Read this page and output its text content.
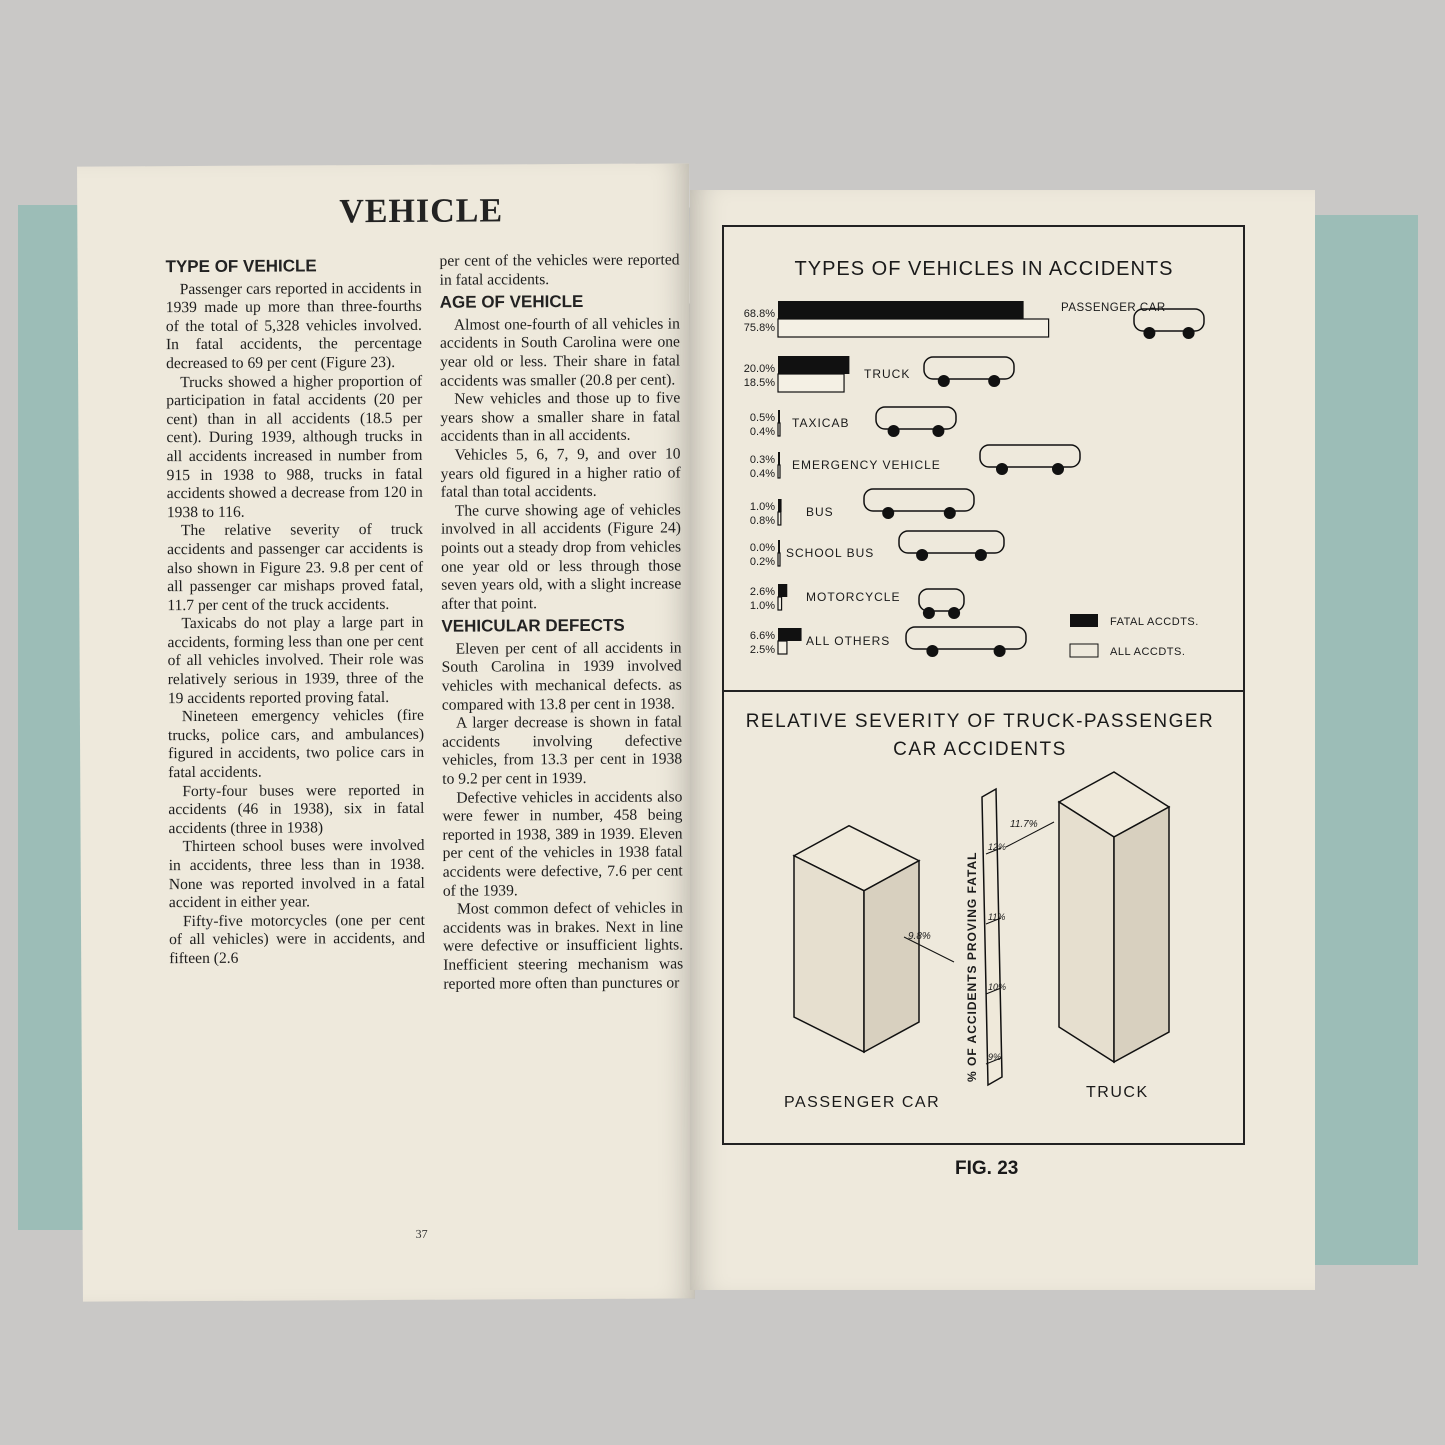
VEHICLE
TYPE OF VEHICLE

Passenger cars reported in accidents in 1939 made up more than three-fourths of the total of 5,328 vehicles involved. In fatal accidents, the percentage decreased to 69 per cent (Figure 23).

Trucks showed a higher proportion of participation in fatal accidents (20 per cent) than in all accidents (18.5 per cent). During 1939, although trucks in all accidents increased in number from 915 in 1938 to 988, trucks in fatal accidents showed a decrease from 120 in 1938 to 116.

The relative severity of truck accidents and passenger car accidents is also shown in Figure 23. 9.8 per cent of all passenger car mishaps proved fatal, 11.7 per cent of the truck accidents.

Taxicabs do not play a large part in accidents, forming less than one per cent of all vehicles involved. Their role was relatively serious in 1939, three of the 19 accidents reported proving fatal.

Nineteen emergency vehicles (fire trucks, police cars, and ambulances) figured in accidents, two police cars in fatal accidents.

Forty-four buses were reported in accidents (46 in 1938), six in fatal accidents (three in 1938)

Thirteen school buses were involved in accidents, three less than in 1938. None was reported involved in a fatal accident in either year.

Fifty-five motorcycles (one per cent of all vehicles) were in accidents, and fifteen (2.6

per cent of the vehicles were reported in fatal accidents.

AGE OF VEHICLE

Almost one-fourth of all vehicles in accidents in South Carolina were one year old or less. Their share in fatal accidents was smaller (20.8 per cent).

New vehicles and those up to five years show a smaller share in fatal accidents than in all accidents.

Vehicles 5, 6, 7, 9, and over 10 years old figured in a higher ratio of fatal than total accidents.

The curve showing age of vehicles involved in all accidents (Figure 24) points out a steady drop from vehicles one year old or less through those seven years old, with a slight increase after that point.

VEHICULAR DEFECTS

Eleven per cent of all accidents in South Carolina in 1939 involved vehicles with mechanical defects. as compared with 13.8 per cent in 1938.

A larger decrease is shown in fatal accidents involving defective vehicles, from 13.3 per cent in 1938 to 9.2 per cent in 1939.

Defective vehicles in accidents also were fewer in number, 458 being reported in 1938, 389 in 1939. Eleven per cent of the vehicles in 1938 fatal accidents were defective, 7.6 per cent of the 1939.

Most common defect of vehicles in accidents was in brakes. Next in line were defective or insufficient lights. Inefficient steering mechanism was reported more often than punctures or

37
TYPES OF VEHICLES IN ACCIDENTS
68.8%
75.8%
PASSENGER CAR
20.0%
18.5%
TRUCK
0.5%
0.4%
TAXICAB
0.3%
0.4%
EMERGENCY VEHICLE
1.0%
0.8%
BUS
0.0%
0.2%
SCHOOL BUS
2.6%
1.0%
MOTORCYCLE
6.6%
2.5%
ALL OTHERS
FATAL ACCDTS.
ALL ACCDTS.
RELATIVE SEVERITY OF TRUCK-PASSENGER CAR ACCIDENTS
PASSENGER CAR
TRUCK
% OF ACCIDENTS PROVING FATAL 9%
10%
11%
12%
9.8%
11.7%
FIG. 23
